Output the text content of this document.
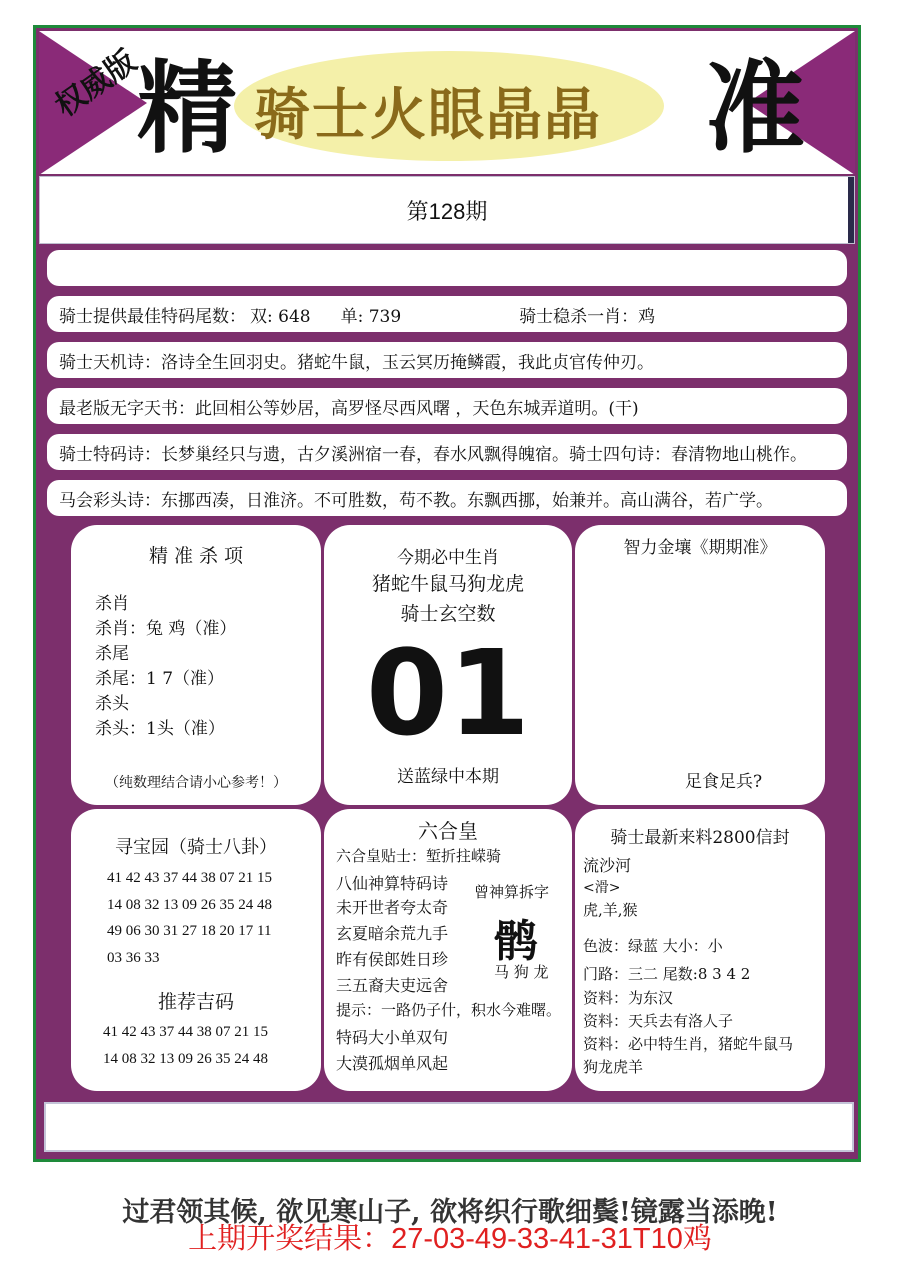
权威版
精 骑士火眼晶晶 准
第128期
骑士提供最佳特码尾数： 双: 648 单: 739	骑士稳杀一肖：鸡
骑士天机诗：洛诗全生回羽史。猪蛇牛鼠，玉云冥历掩鳞霞，我此贞官传仲刃。
最老版无字天书：此回相公等妙居，高罗怪尽西风曙 ，天色东城弄道明。(干)
骑士特码诗：长梦巢经只与遗，古夕溪洲宿一春，春水风飘得魄宿。骑士四句诗：春清物地山桃作。
马会彩头诗：东挪西凑，日淮济。不可胜数，苟不教。东飘西挪，始兼并。高山满谷，若广学。
精 准 杀 项
杀肖
杀肖：兔 鸡（准）
杀尾
杀尾：1 7（准）
杀头
杀头：1头（准）
（纯数理结合请小心参考！）
今期必中生肖
猪蛇牛鼠马狗龙虎
骑士玄空数
01
送蓝绿中本期
智力金壤《期期准》
足食足兵?
寻宝园（骑士八卦）
41 42 43 37 44 38 07 21 15
14 08 32 13 09 26 35 24 48
49 06 30 31 27 18 20 17 11
03 36 33
推荐吉码
41 42 43 37 44 38 07 21 15
14 08 32 13 09 26 35 24 48
六合皇
六合皇贴士：堑折拄嵘骑
八仙神算特码诗
未开世者夸太奇
玄夏暗余荒九手
昨有侯郎姓日珍
三五裔夫吏远舍
提示：一路仍子什，积水今难曙。
特码大小单双句
大漠孤烟单风起
曾神算拆字
鹘
马 狗 龙
骑士最新来料2800信封
流沙河
<滑>
虎,羊,猴
色波：绿蓝 大小：小
门路：三二 尾数:8 3 4 2
资料：为东汉
资料：天兵去有洛人子
资料：必中特生肖，猪蛇牛鼠马
狗龙虎羊
过君领其候, 欲见寒山子, 欲将织行歌细鬓!镜露当添晚!
上期开奖结果：27-03-49-33-41-31T10鸡
